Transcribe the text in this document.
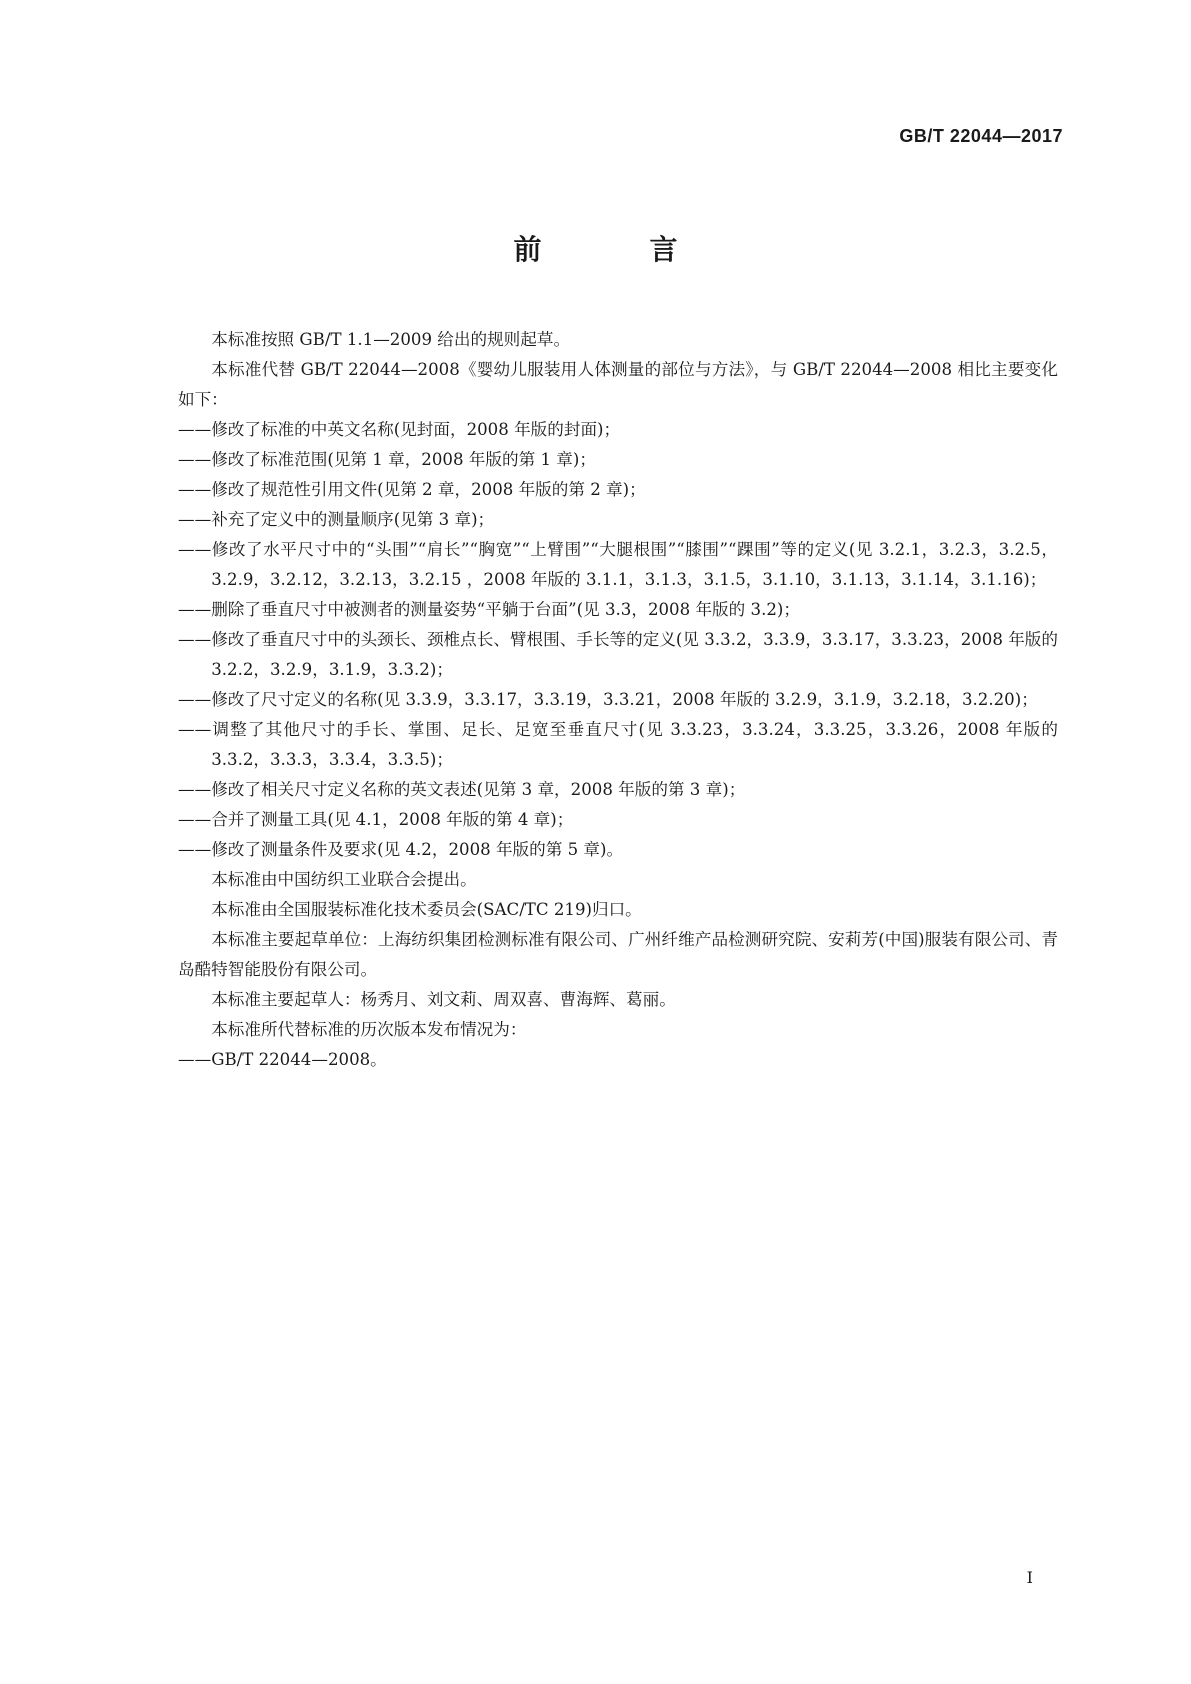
GB/T 22044—2017
前　言

本标准按照 GB/T 1.1—2009 给出的规则起草。

本标准代替 GB/T 22044—2008《婴幼儿服装用人体测量的部位与方法》，与 GB/T 22044—2008 相比主要变化如下：

——修改了标准的中英文名称(见封面，2008 年版的封面)；

——修改了标准范围(见第 1 章，2008 年版的第 1 章)；

——修改了规范性引用文件(见第 2 章，2008 年版的第 2 章)；

——补充了定义中的测量顺序(见第 3 章)；

——修改了水平尺寸中的“头围”“肩长”“胸宽”“上臂围”“大腿根围”“膝围”“踝围”等的定义(见 3.2.1，3.2.3，3.2.5，3.2.9，3.2.12，3.2.13，3.2.15 ，2008 年版的 3.1.1，3.1.3，3.1.5，3.1.10，3.1.13，3.1.14，3.1.16)；

——删除了垂直尺寸中被测者的测量姿势“平躺于台面”(见 3.3，2008 年版的 3.2)；

——修改了垂直尺寸中的头颈长、颈椎点长、臂根围、手长等的定义(见 3.3.2，3.3.9，3.3.17，3.3.23，2008 年版的 3.2.2，3.2.9，3.1.9，3.3.2)；

——修改了尺寸定义的名称(见 3.3.9，3.3.17，3.3.19，3.3.21，2008 年版的 3.2.9，3.1.9，3.2.18，3.2.20)；

——调整了其他尺寸的手长、掌围、足长、足宽至垂直尺寸(见 3.3.23，3.3.24，3.3.25，3.3.26，2008 年版的 3.3.2，3.3.3，3.3.4，3.3.5)；

——修改了相关尺寸定义名称的英文表述(见第 3 章，2008 年版的第 3 章)；

——合并了测量工具(见 4.1，2008 年版的第 4 章)；

——修改了测量条件及要求(见 4.2，2008 年版的第 5 章)。

本标准由中国纺织工业联合会提出。

本标准由全国服装标准化技术委员会(SAC/TC 219)归口。

本标准主要起草单位：上海纺织集团检测标准有限公司、广州纤维产品检测研究院、安莉芳(中国)服装有限公司、青岛酷特智能股份有限公司。

本标准主要起草人：杨秀月、刘文莉、周双喜、曹海辉、葛丽。

本标准所代替标准的历次版本发布情况为：

——GB/T 22044—2008。

I
